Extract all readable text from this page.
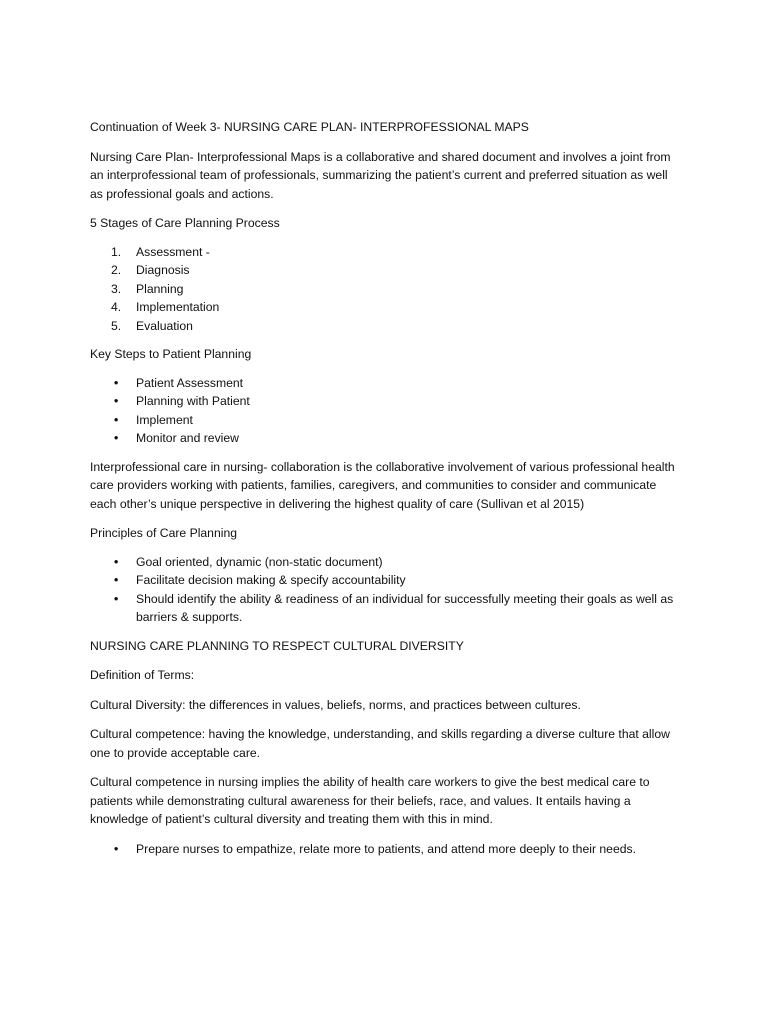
Continuation of Week 3- NURSING CARE PLAN- INTERPROFESSIONAL MAPS

Nursing Care Plan- Interprofessional Maps is a collaborative and shared document and involves a joint from an interprofessional team of professionals, summarizing the patient’s current and preferred situation as well as professional goals and actions.

5 Stages of Care Planning Process

1. Assessment -
2. Diagnosis
3. Planning
4. Implementation
5. Evaluation

Key Steps to Patient Planning

• Patient Assessment
• Planning with Patient
• Implement
• Monitor and review

Interprofessional care in nursing- collaboration is the collaborative involvement of various professional health care providers working with patients, families, caregivers, and communities to consider and communicate each other’s unique perspective in delivering the highest quality of care (Sullivan et al 2015)

Principles of Care Planning

• Goal oriented, dynamic (non-static document)
• Facilitate decision making & specify accountability
• Should identify the ability & readiness of an individual for successfully meeting their goals as well as barriers & supports.

NURSING CARE PLANNING TO RESPECT CULTURAL DIVERSITY

Definition of Terms:

Cultural Diversity: the differences in values, beliefs, norms, and practices between cultures.

Cultural competence: having the knowledge, understanding, and skills regarding a diverse culture that allow one to provide acceptable care.

Cultural competence in nursing implies the ability of health care workers to give the best medical care to patients while demonstrating cultural awareness for their beliefs, race, and values. It entails having a knowledge of patient’s cultural diversity and treating them with this in mind.

• Prepare nurses to empathize, relate more to patients, and attend more deeply to their needs.
